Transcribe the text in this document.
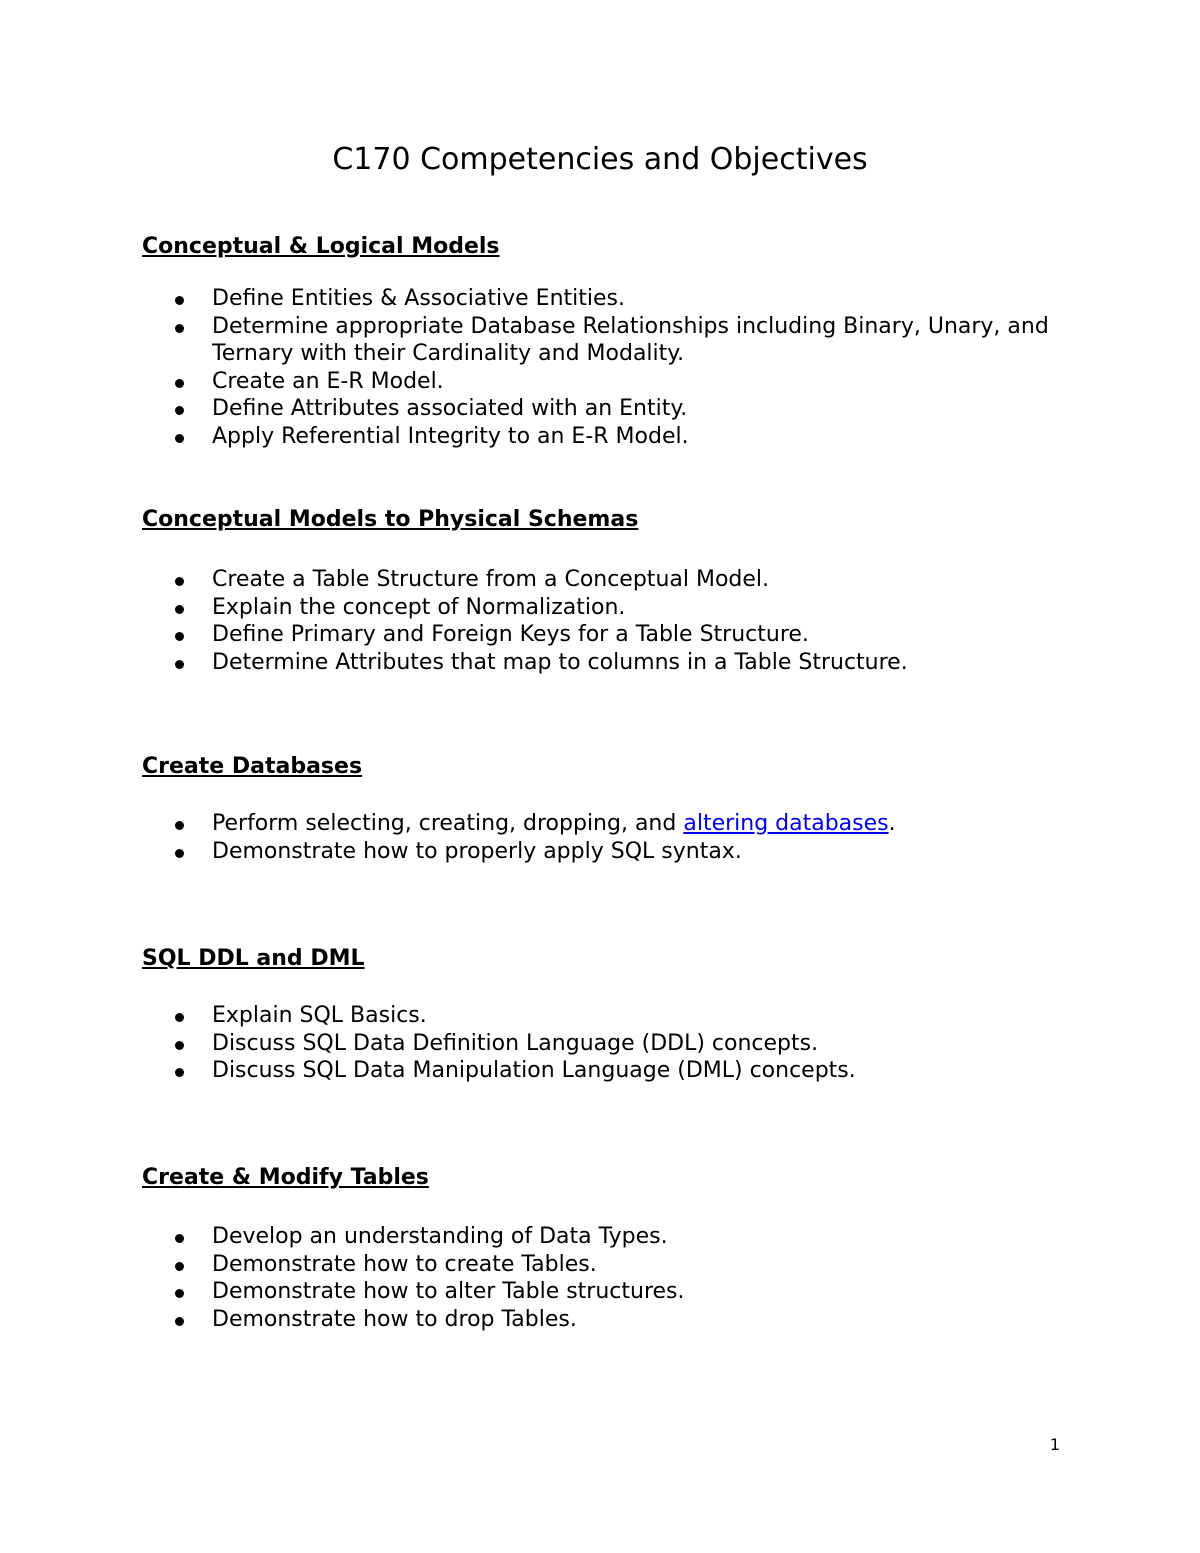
C170 Competencies and Objectives
Conceptual & Logical Models
Define Entities & Associative Entities.
Determine appropriate Database Relationships including Binary, Unary, and Ternary with their Cardinality and Modality.
Create an E-R Model.
Define Attributes associated with an Entity.
Apply Referential Integrity to an E-R Model.
Conceptual Models to Physical Schemas
Create a Table Structure from a Conceptual Model.
Explain the concept of Normalization.
Define Primary and Foreign Keys for a Table Structure.
Determine Attributes that map to columns in a Table Structure.
Create Databases
Perform selecting, creating, dropping, and altering databases.
Demonstrate how to properly apply SQL syntax.
SQL DDL and DML
Explain SQL Basics.
Discuss SQL Data Definition Language (DDL) concepts.
Discuss SQL Data Manipulation Language (DML) concepts.
Create & Modify Tables
Develop an understanding of Data Types.
Demonstrate how to create Tables.
Demonstrate how to alter Table structures.
Demonstrate how to drop Tables.
1
